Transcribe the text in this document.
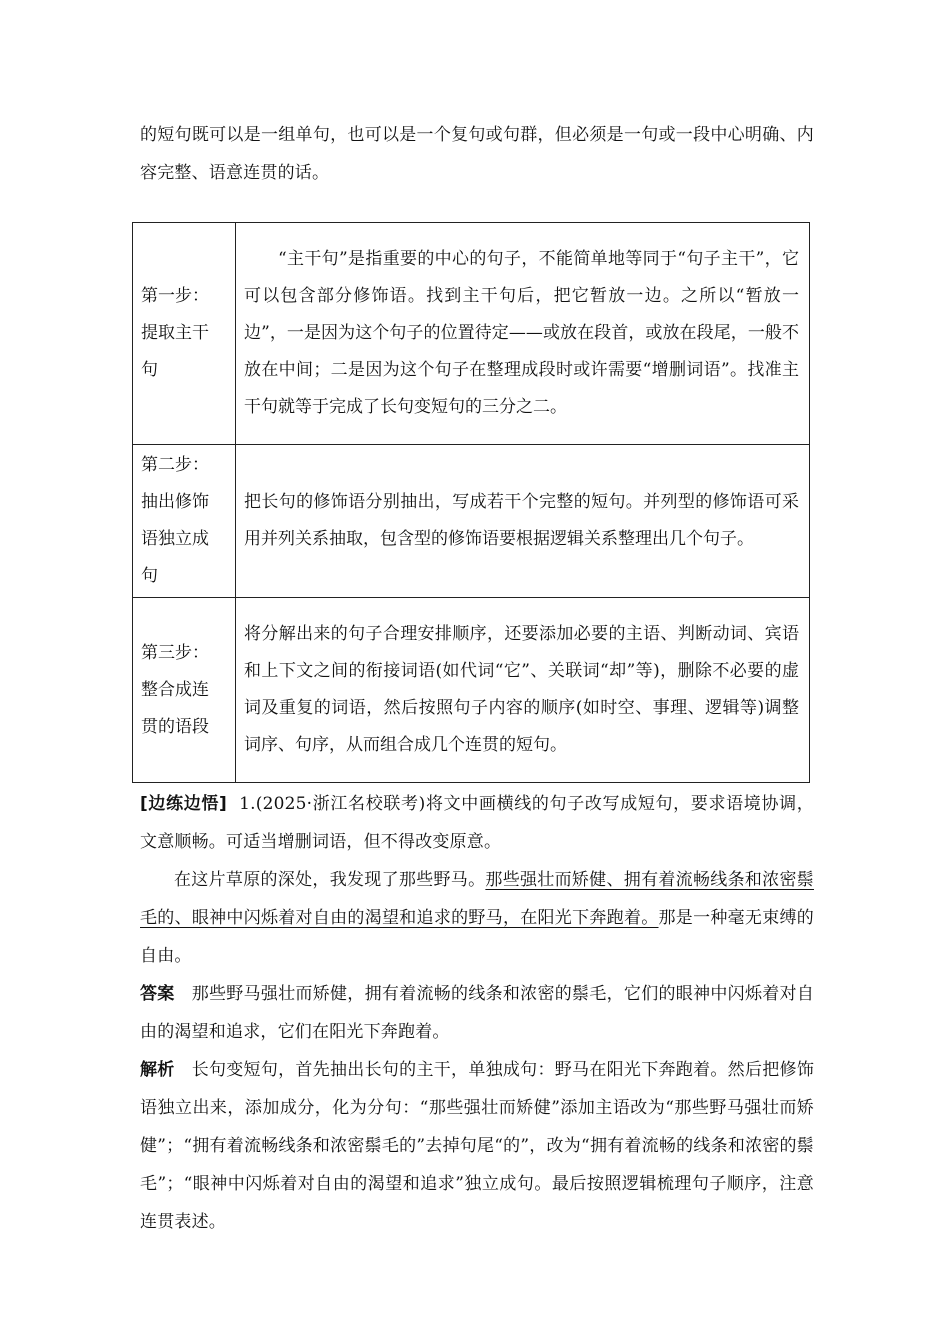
的短句既可以是一组单句，也可以是一个复句或句群，但必须是一句或一段中心明确、内容完整、语意连贯的话。

第一步：提取主干句	“主干句”是指重要的中心的句子，不能简单地等同于“句子主干”，它可以包含部分修饰语。找到主干句后，把它暂放一边。之所以“暂放一边”，一是因为这个句子的位置待定——或放在段首，或放在段尾，一般不放在中间；二是因为这个句子在整理成段时或许需要“增删词语”。找准主干句就等于完成了长句变短句的三分之二。

第二步：抽出修饰语独立成句	把长句的修饰语分别抽出，写成若干个完整的短句。并列型的修饰语可采用并列关系抽取，包含型的修饰语要根据逻辑关系整理出几个句子。

第三步：整合成连贯的语段	将分解出来的句子合理安排顺序，还要添加必要的主语、判断动词、宾语和上下文之间的衔接词语(如代词“它”、关联词“却”等)，删除不必要的虚词及重复的词语，然后按照句子内容的顺序(如时空、事理、逻辑等)调整词序、句序，从而组合成几个连贯的短句。

[边练边悟] 1.(2025·浙江名校联考)将文中画横线的句子改写成短句，要求语境协调，文意顺畅。可适当增删词语，但不得改变原意。

在这片草原的深处，我发现了那些野马。那些强壮而矫健、拥有着流畅线条和浓密鬃毛的、眼神中闪烁着对自由的渴望和追求的野马，在阳光下奔跑着。那是一种毫无束缚的自由。

答案 那些野马强壮而矫健，拥有着流畅的线条和浓密的鬃毛，它们的眼神中闪烁着对自由的渴望和追求，它们在阳光下奔跑着。

解析 长句变短句，首先抽出长句的主干，单独成句：野马在阳光下奔跑着。然后把修饰语独立出来，添加成分，化为分句：“那些强壮而矫健”添加主语改为“那些野马强壮而矫健”；“拥有着流畅线条和浓密鬃毛的”去掉句尾“的”，改为“拥有着流畅的线条和浓密的鬃毛”；“眼神中闪烁着对自由的渴望和追求”独立成句。最后按照逻辑梳理句子顺序，注意连贯表述。
